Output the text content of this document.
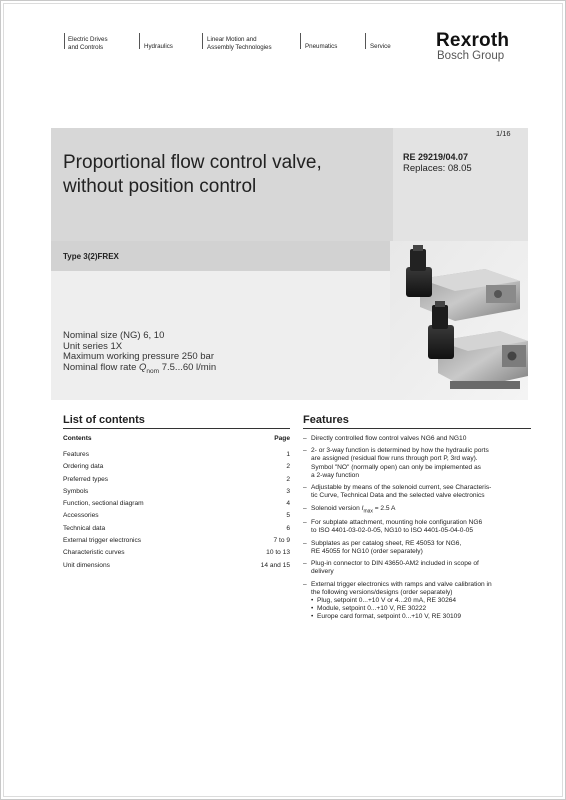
Electric Drives
and Controls	Hydraulics
Linear Motion and
Assembly Technologies	Pneumatics	Service Rexroth
Bosch Group
1/16
Proportional flow control valve,
without position control
RE 29219/04.07
Replaces: 08.05
Type 3(2)FREX
Nominal size (NG) 6, 10
Unit series 1X
Maximum working pressure 250 bar
Nominal flow rate $Q_{nom}$ 7.5...60 l/min
List of contents
Contents	Page
Features	1
Ordering data	2
Preferred types	2
Symbols	3
Function, sectional diagram	4
Accessories	5
Technical data	6
External trigger electronics	7 to 9
Characteristic curves	10 to 13
Unit dimensions	14 and 15
Features
– Directly controlled flow control valves NG6 and NG10
– 2- or 3-way function is determined by how the hydraulic ports
are assigned (residual flow runs through port P, 3rd way).
Symbol "NO" (normally open) can only be implemented as
a 2-way function
– Adjustable by means of the solenoid current, see Characteris-
tic Curve, Technical Data and the selected valve electronics
– Solenoid version $I_{max} = 2.5$ A
– For subplate attachment, mounting hole configuration NG6
to ISO 4401-03-02-0-05, NG10 to ISO 4401-05-04-0-05
– Subplates as per catalog sheet, RE 45053 for NG6,
RE 45055 for NG10 (order separately)
– Plug-in connector to DIN 43650-AM2 included in scope of
delivery
– External trigger electronics with ramps and valve calibration in
the following versions/designs (order separately)
• Plug, setpoint 0...+10 V or 4...20 mA, RE 30264
• Module, setpoint 0...+10 V, RE 30222
• Europe card format, setpoint 0...+10 V, RE 30109
